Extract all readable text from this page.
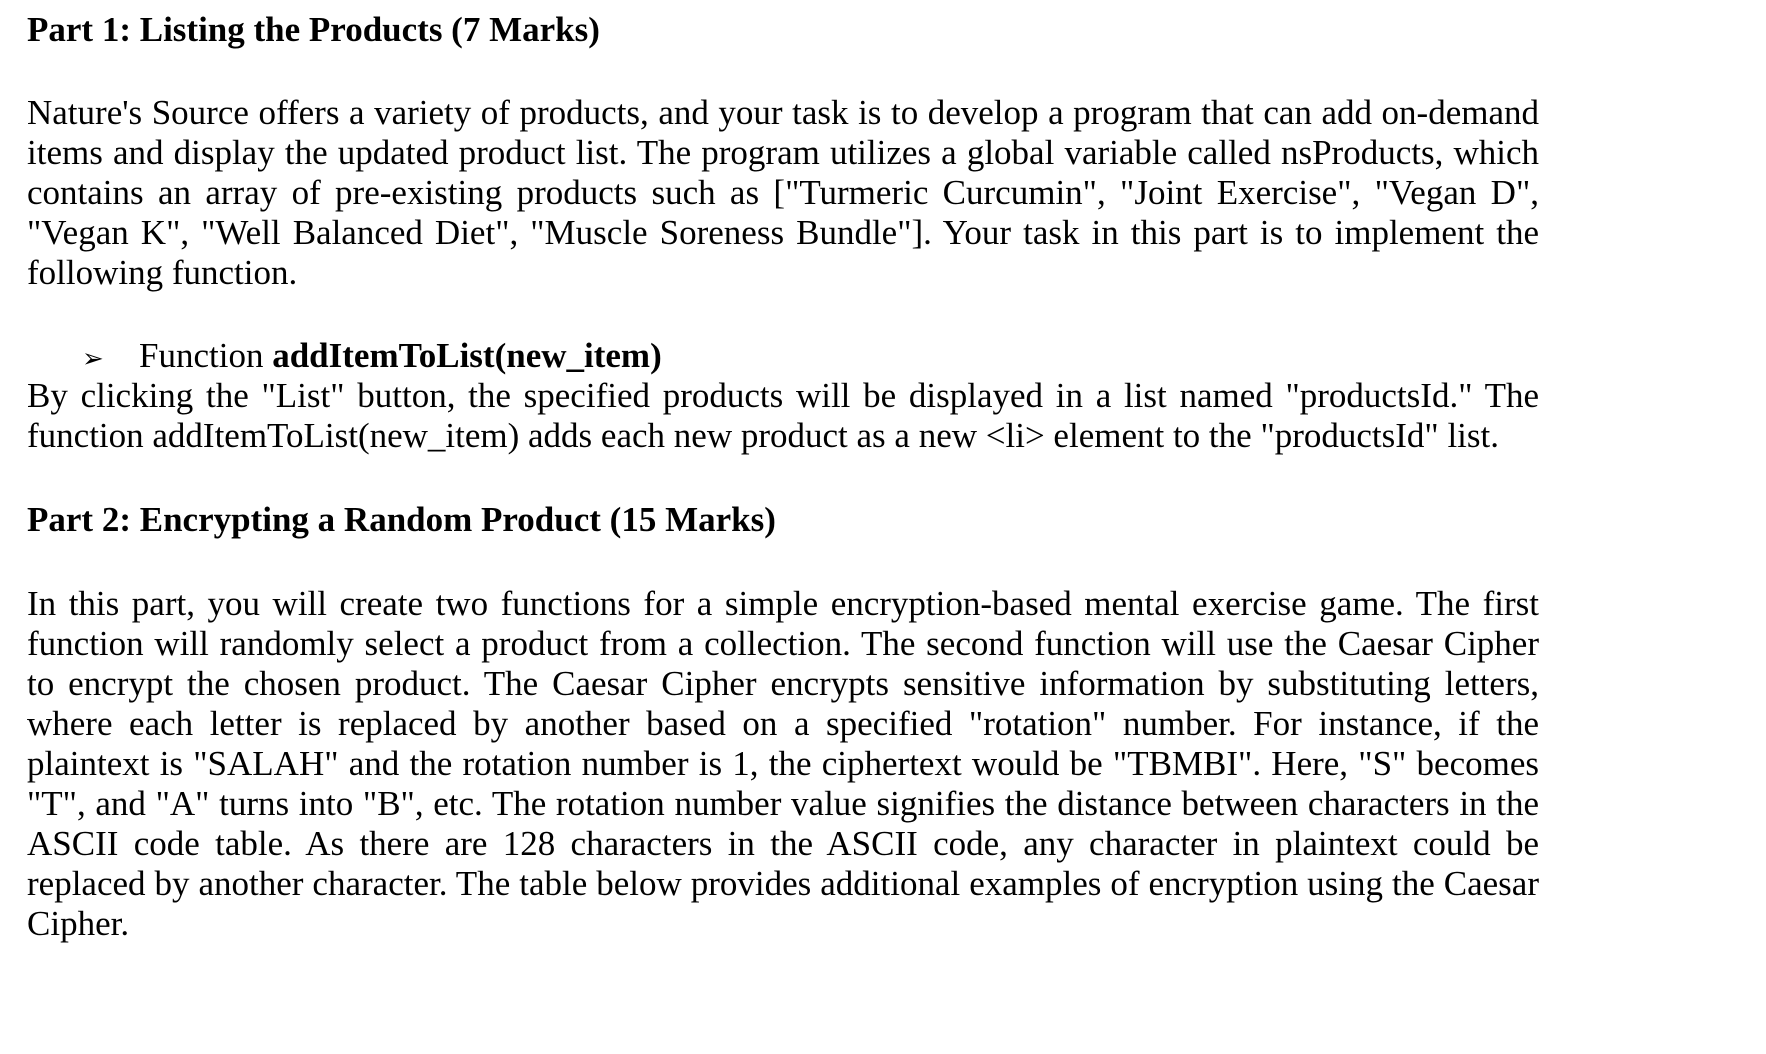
Part 1: Listing the Products (7 Marks)

Nature's Source offers a variety of products, and your task is to develop a program that can add on-demand items and display the updated product list. The program utilizes a global variable called nsProducts, which contains an array of pre-existing products such as ["Turmeric Curcumin", "Joint Exercise", "Vegan D", "Vegan K", "Well Balanced Diet", "Muscle Soreness Bundle"]. Your task in this part is to implement the following function.

➢ Function addItemToList(new_item)

By clicking the "List" button, the specified products will be displayed in a list named "productsId." The function addItemToList(new_item) adds each new product as a new <li> element to the "productsId" list.

Part 2: Encrypting a Random Product (15 Marks)

In this part, you will create two functions for a simple encryption-based mental exercise game. The first function will randomly select a product from a collection. The second function will use the Caesar Cipher to encrypt the chosen product. The Caesar Cipher encrypts sensitive information by substituting letters, where each letter is replaced by another based on a specified "rotation" number. For instance, if the plaintext is "SALAH" and the rotation number is 1, the ciphertext would be "TBMBI". Here, "S" becomes "T", and "A" turns into "B", etc. The rotation number value signifies the distance between characters in the ASCII code table. As there are 128 characters in the ASCII code, any character in plaintext could be replaced by another character. The table below provides additional examples of encryption using the Caesar Cipher.
